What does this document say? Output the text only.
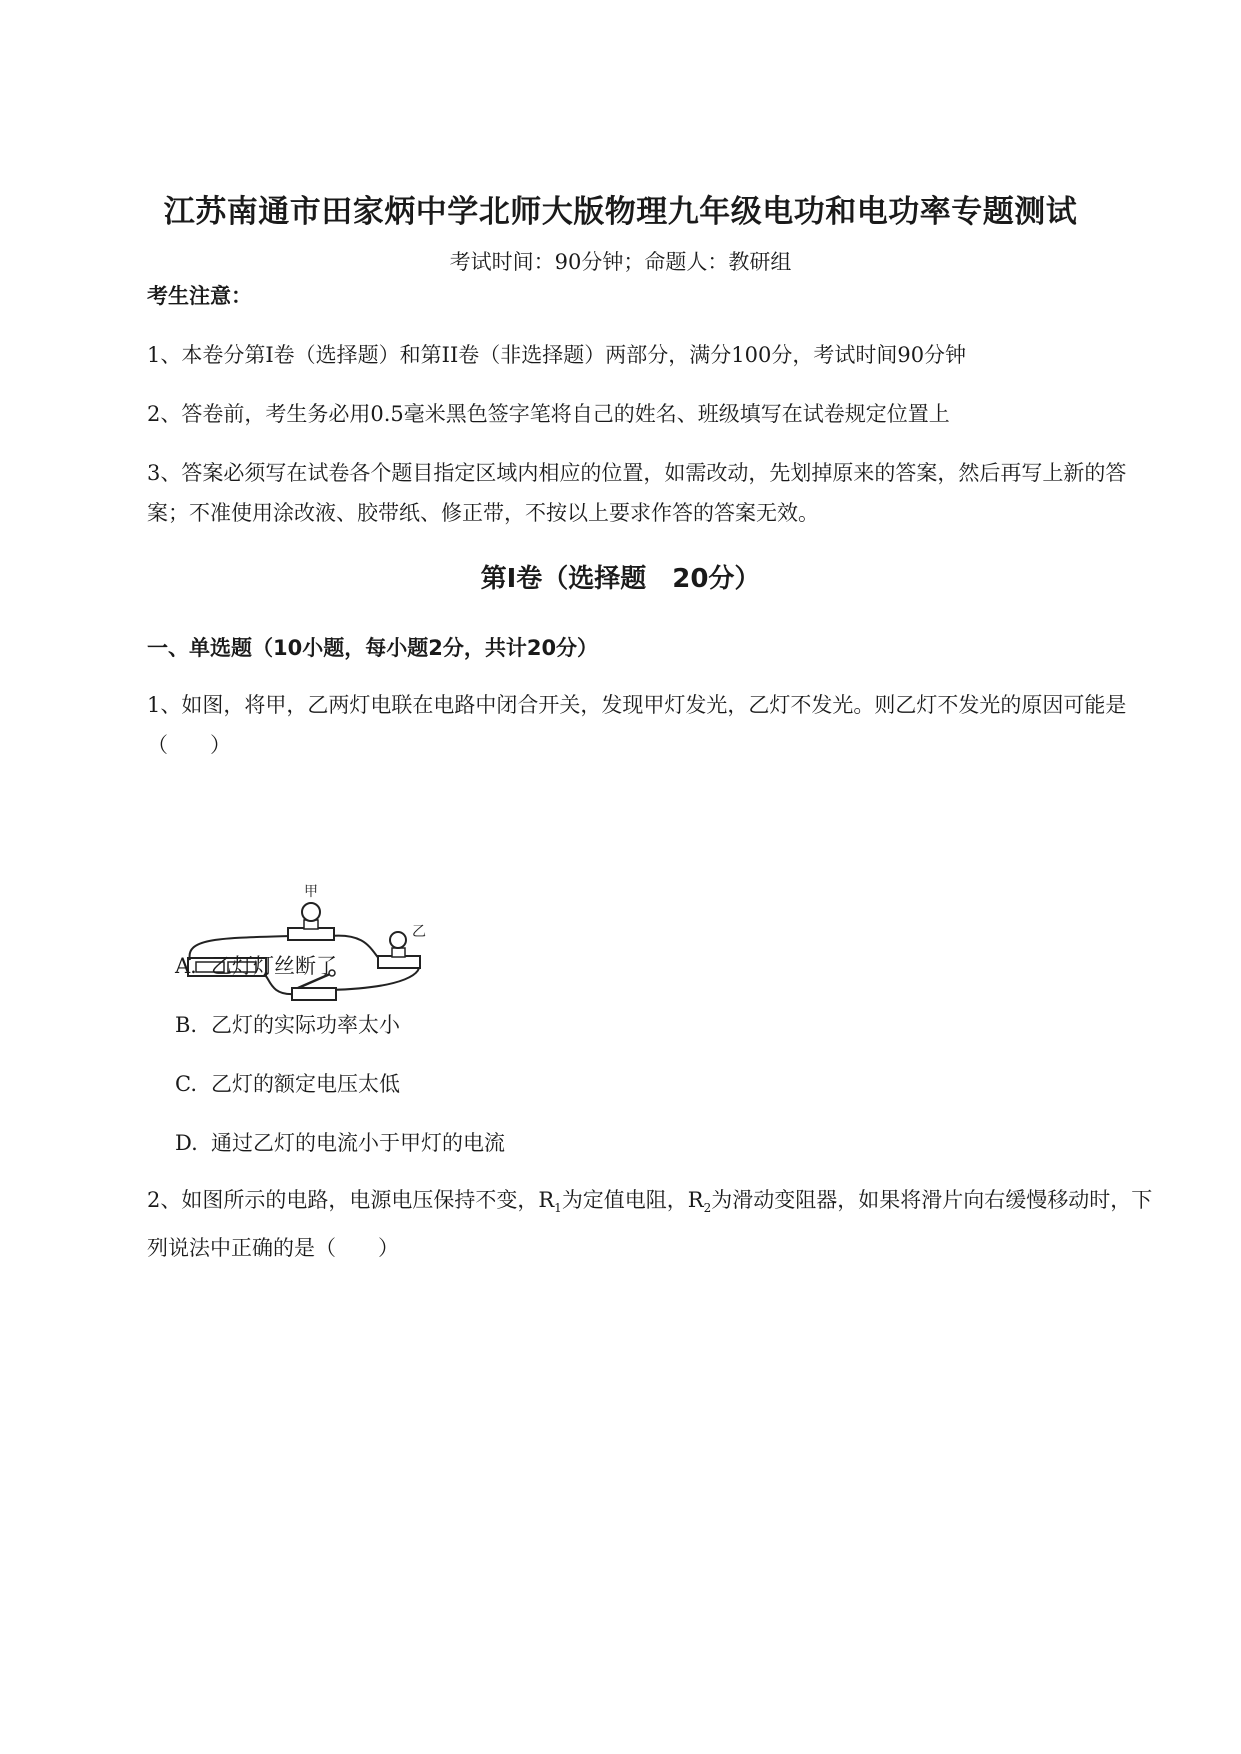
江苏南通市田家炳中学北师大版物理九年级电功和电功率专题测试
考试时间：90分钟；命题人：教研组
考生注意：
1、本卷分第I卷（选择题）和第II卷（非选择题）两部分，满分100分，考试时间90分钟
2、答卷前，考生务必用0.5毫米黑色签字笔将自己的姓名、班级填写在试卷规定位置上
3、答案必须写在试卷各个题目指定区域内相应的位置，如需改动，先划掉原来的答案，然后再写上新的答案；不准使用涂改液、胶带纸、修正带，不按以上要求作答的答案无效。
第I卷（选择题　20分）
一、单选题（10小题，每小题2分，共计20分）
1、如图，将甲，乙两灯电联在电路中闭合开关，发现甲灯发光，乙灯不发光。则乙灯不发光的原因可能是（　　）
甲
乙
A. 乙灯灯丝断了
B. 乙灯的实际功率太小
C. 乙灯的额定电压太低
D. 通过乙灯的电流小于甲灯的电流
2、如图所示的电路，电源电压保持不变，$R_1$为定值电阻，$R_2$为滑动变阻器，如果将滑片向右缓慢移动时，下列说法中正确的是（　　）
